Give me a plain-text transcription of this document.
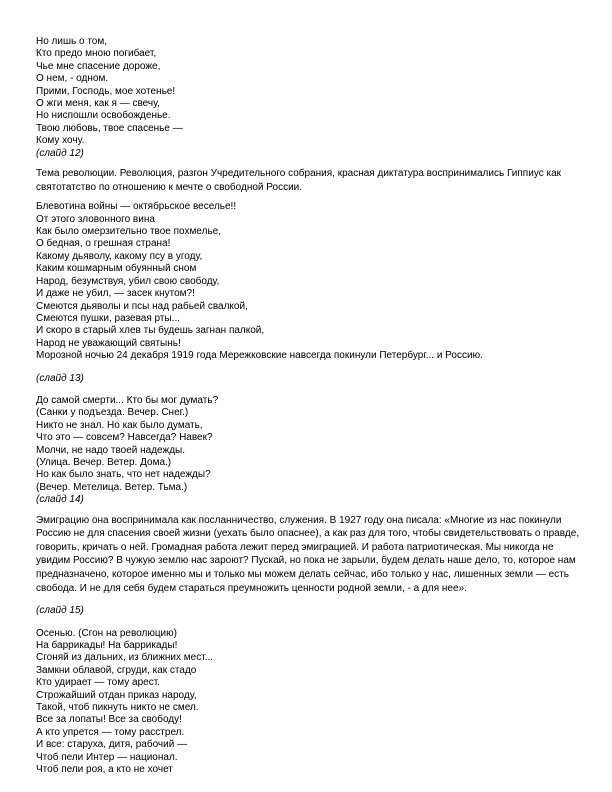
Но лишь о том,

Кто предо мною погибает,

Чье мне спасение дороже,

О нем, - одном.

Прими, Господь, мое хотенье!

О жги меня, как я — свечу,

Но ниспошли освобожденье.

Твою любовь, твое спасенье —

Кому хочу.

(слайд 12)

Тема революции. Революция, разгон Учредительного собрания, красная диктатура воспринимались Гиппиус как святотатство по отношению к мечте о свободной России.

Блевотина войны — октябрьское веселье!!

От этого зловонного вина

Как было омерзительно твое похмелье,

О бедная, о грешная страна!

Какому дьяволу, какому псу в угоду,

Каким кошмарным обуянный сном

Народ, безумствуя, убил свою свободу,

И даже не убил, — засек кнутом?!

Смеются дьяволы и псы над рабьей свалкой,

Смеются пушки, разевая рты...

И скоро в старый хлев ты будешь загнан палкой,

Народ не уважающий святынь!

Морозной ночью 24 декабря 1919 года Мережковские навсегда покинули Петербург... и Россию.

(слайд 13)

До самой смерти... Кто бы мог думать?

(Санки у подъезда. Вечер. Снег.)

Никто не знал. Но как было думать,

Что это — совсем? Навсегда? Навек?

Молчи, не надо твоей надежды.

(Улица. Вечер. Ветер. Дома.)

Но как было знать, что нет надежды?

(Вечер. Метелица. Ветер. Тьма.)

(слайд 14)

Эмиграцию она воспринимала как посланничество, служения. В 1927 году она писала: «Многие из нас покинули Россию не для спасения своей жизни (уехать было опаснее), а как раз для того, чтобы свидетельствовать о правде, говорить, кричать о ней. Громадная работа лежит перед эмиграцией. И работа патриотическая. Мы никогда не увидим Россию? В чужую землю нас зароют? Пускай, но пока не зарыли, будем делать наше дело, то, которое нам предназначено, которое именно мы и только мы можем делать сейчас, ибо только у нас, лишенных земли — есть свобода. И не для себя будем стараться преумножить ценности родной земли, - а для нее».

(слайд 15)

Осенью. (Сгон на революцию)

На баррикады! На баррикады!

Сгоняй из дальних, из ближних мест...

Замкни облавой, сгруди, как стадо

Кто удирает — тому арест.

Строжайший отдан приказ народу,

Такой, чтоб пикнуть никто не смел.

Все за лопаты! Все за свободу!

А кто упрется — тому расстрел.

И все: старуха, дитя, рабочий —

Чтоб пели Интер — национал.

Чтоб пели роя, а кто не хочет
